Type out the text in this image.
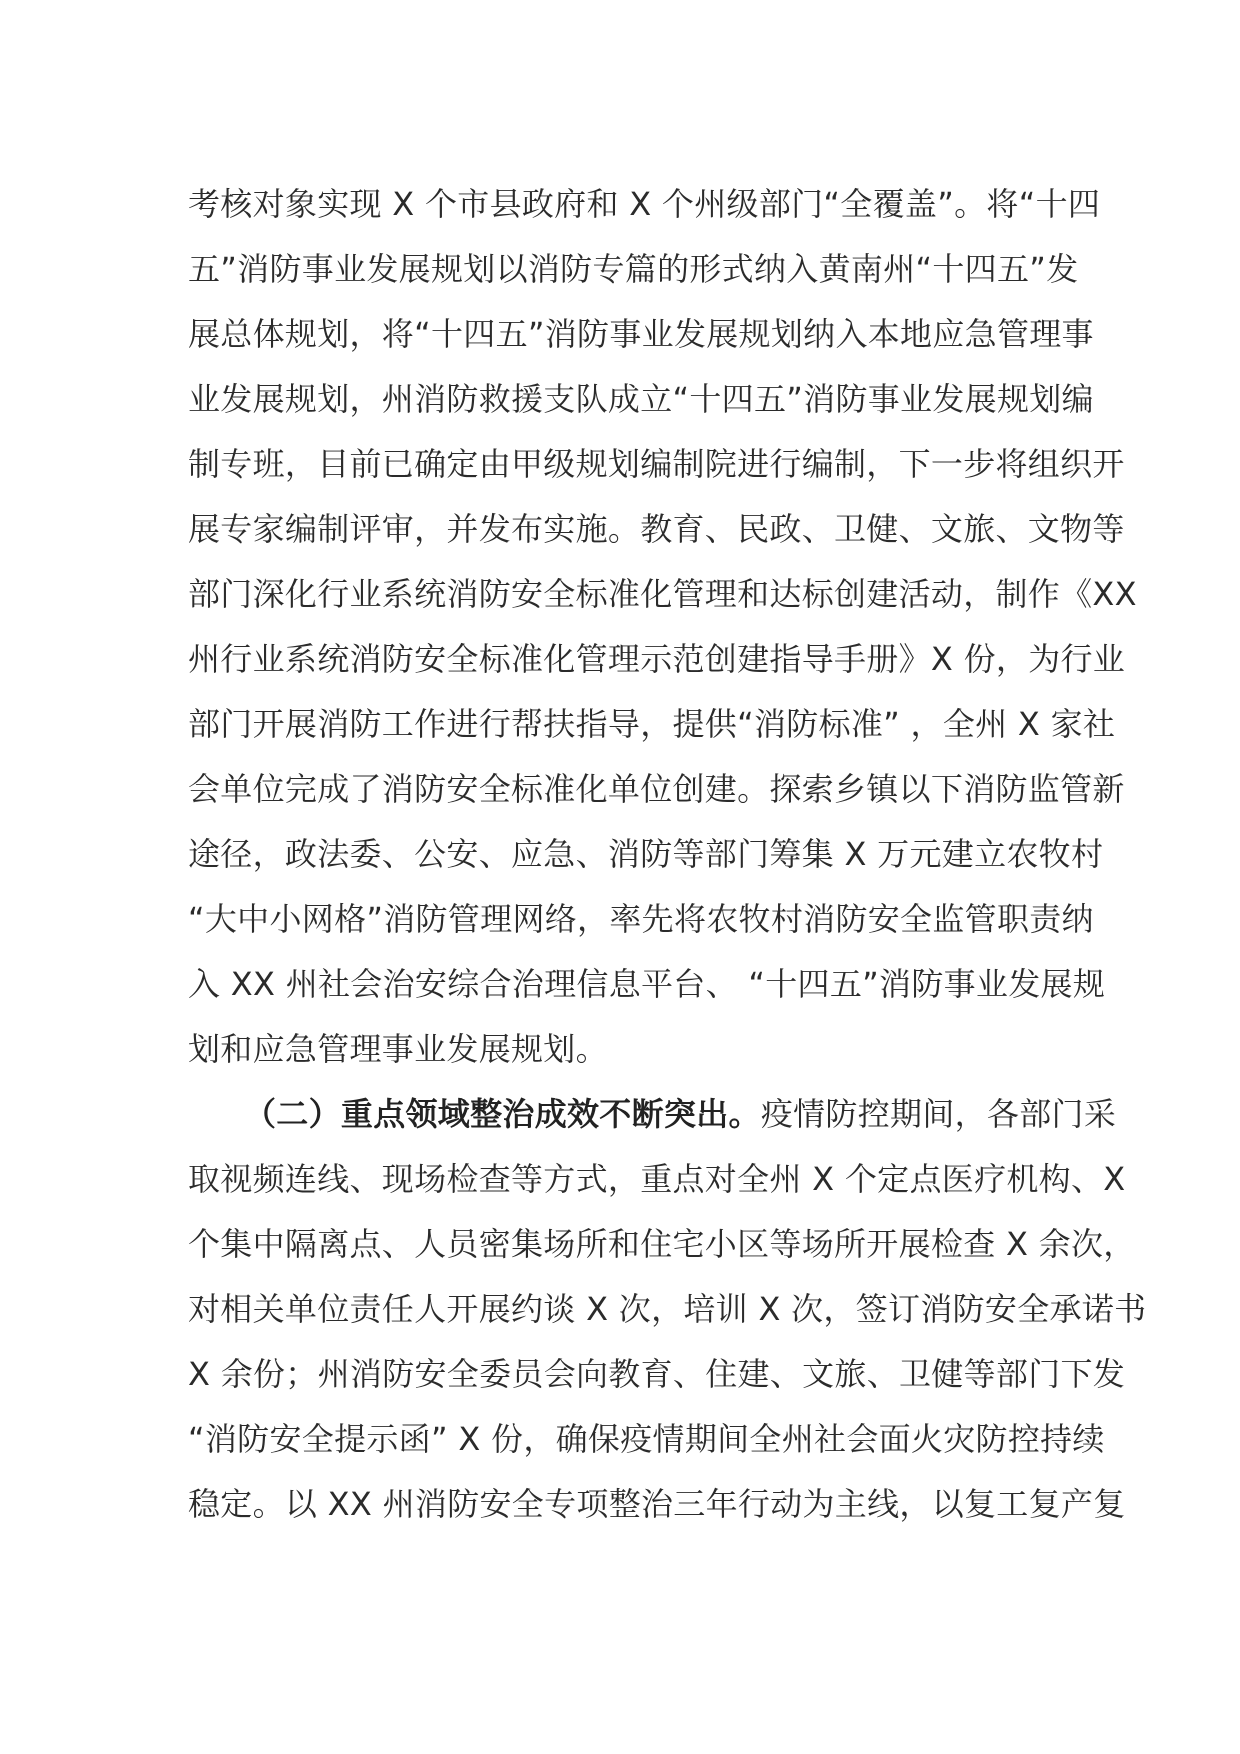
考核对象实现 X 个市县政府和 X 个州级部门“全覆盖”。将“十四
五”消防事业发展规划以消防专篇的形式纳入黄南州“十四五”发
展总体规划，将“十四五”消防事业发展规划纳入本地应急管理事
业发展规划，州消防救援支队成立“十四五”消防事业发展规划编
制专班，目前已确定由甲级规划编制院进行编制，下一步将组织开
展专家编制评审，并发布实施。教育、民政、卫健、文旅、文物等
部门深化行业系统消防安全标准化管理和达标创建活动，制作《XX
州行业系统消防安全标准化管理示范创建指导手册》X 份，为行业
部门开展消防工作进行帮扶指导，提供“消防标准” ，全州 X 家社
会单位完成了消防安全标准化单位创建。探索乡镇以下消防监管新
途径，政法委、公安、应急、消防等部门筹集 X 万元建立农牧村
“大中小网格”消防管理网络，率先将农牧村消防安全监管职责纳
入 XX 州社会治安综合治理信息平台、 “十四五”消防事业发展规
划和应急管理事业发展规划。
（二）重点领域整治成效不断突出。疫情防控期间，各部门采
取视频连线、现场检查等方式，重点对全州 X 个定点医疗机构、X
个集中隔离点、人员密集场所和住宅小区等场所开展检查 X 余次，
对相关单位责任人开展约谈 X 次，培训 X 次，签订消防安全承诺书
X 余份；州消防安全委员会向教育、住建、文旅、卫健等部门下发
“消防安全提示函” X 份，确保疫情期间全州社会面火灾防控持续
稳定。以 XX 州消防安全专项整治三年行动为主线，以复工复产复
